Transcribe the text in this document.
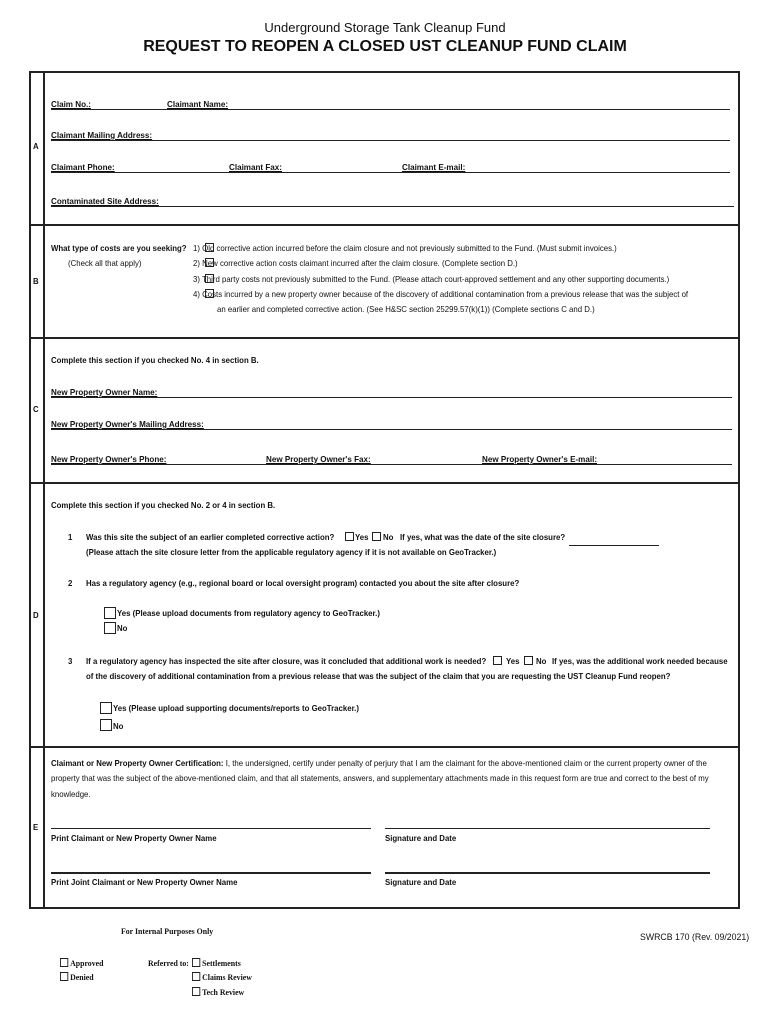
Underground Storage Tank Cleanup Fund
REQUEST TO REOPEN A CLOSED UST CLEANUP FUND CLAIM
A
B
C
D
E
Claim No.:	Claimant Name:
Claimant Mailing Address:
Claimant Phone:	Claimant Fax:	Claimant E-mail:
Contaminated Site Address:
What type of costs are you seeking?
(Check all that apply)
1) Old corrective action incurred before the claim closure and not previously submitted to the Fund. (Must submit invoices.)
2) New corrective action costs claimant incurred after the claim closure. (Complete section D.)
3) Third party costs not previously submitted to the Fund. (Please attach court-approved settlement and any other supporting documents.)
4) Costs incurred by a new property owner because of the discovery of additional contamination from a previous release that was the subject of
an earlier and completed corrective action. (See H&SC section 25299.57(k)(1)) (Complete sections C and D.)
Complete this section if you checked No. 4 in section B.
New Property Owner Name:
New Property Owner's Mailing Address:
New Property Owner's Phone:	New Property Owner's Fax:	New Property Owner's E-mail:
Complete this section if you checked No. 2 or 4 in section B.
1 Was this site the subject of an earlier completed corrective action? Yes No If yes, what was the date of the site closure?
(Please attach the site closure letter from the applicable regulatory agency if it is not available on GeoTracker.)
2 Has a regulatory agency (e.g., regional board or local oversight program) contacted you about the site after closure?
Yes (Please upload documents from regulatory agency to GeoTracker.)
No
3 If a regulatory agency has inspected the site after closure, was it concluded that additional work is needed? Yes No If yes, was the additional work needed because
of the discovery of additional contamination from a previous release that was the subject of the claim that you are requesting the UST Cleanup Fund reopen?
Yes (Please upload supporting documents/reports to GeoTracker.)
No
Claimant or New Property Owner Certification: I, the undersigned, certify under penalty of perjury that I am the claimant for the above-mentioned claim or the current property owner of the
property that was the subject of the above-mentioned claim, and that all statements, answers, and supplementary attachments made in this request form are true and correct to the best of my
knowledge.
Print Claimant or New Property Owner Name	Signature and Date
Print Joint Claimant or New Property Owner Name	Signature and Date
For Internal Purposes Only
SWRCB 170 (Rev. 09/2021)
Approved
Denied
Referred to:	Settlements
Claims Review
Tech Review
